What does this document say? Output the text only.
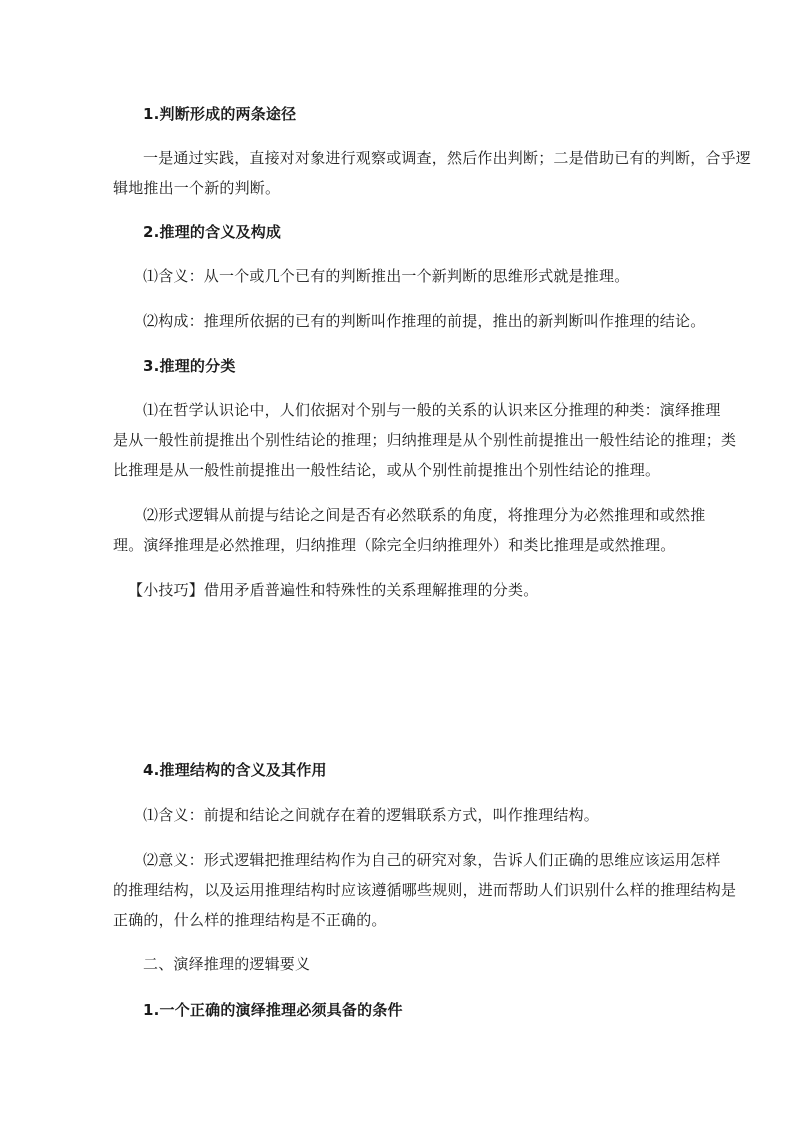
1.判断形成的两条途径
一是通过实践，直接对对象进行观察或调查，然后作出判断；二是借助已有的判断，合乎逻
辑地推出一个新的判断。
2.推理的含义及构成
⑴含义：从一个或几个已有的判断推出一个新判断的思维形式就是推理。
⑵构成：推理所依据的已有的判断叫作推理的前提，推出的新判断叫作推理的结论。
3.推理的分类
⑴在哲学认识论中，人们依据对个别与一般的关系的认识来区分推理的种类：演绎推理
是从一般性前提推出个别性结论的推理；归纳推理是从个别性前提推出一般性结论的推理；类
比推理是从一般性前提推出一般性结论，或从个别性前提推出个别性结论的推理。
⑵形式逻辑从前提与结论之间是否有必然联系的角度，将推理分为必然推理和或然推
理。演绎推理是必然推理，归纳推理（除完全归纳推理外）和类比推理是或然推理。
【小技巧】借用矛盾普遍性和特殊性的关系理解推理的分类。
4.推理结构的含义及其作用
⑴含义：前提和结论之间就存在着的逻辑联系方式，叫作推理结构。
⑵意义：形式逻辑把推理结构作为自己的研究对象，告诉人们正确的思维应该运用怎样
的推理结构，以及运用推理结构时应该遵循哪些规则，进而帮助人们识别什么样的推理结构是
正确的，什么样的推理结构是不正确的。
二、演绎推理的逻辑要义
1.一个正确的演绎推理必须具备的条件
